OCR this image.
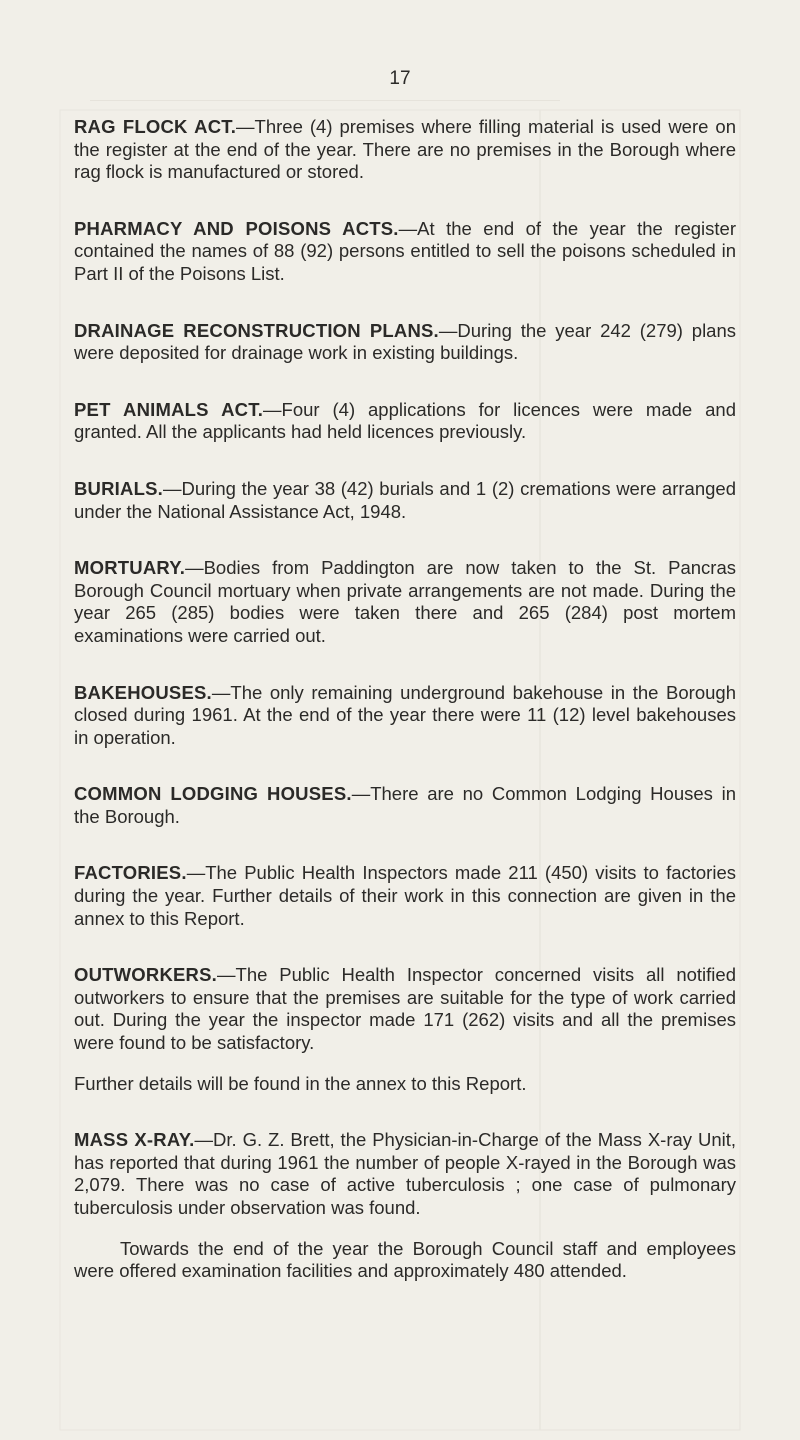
17

RAG FLOCK ACT.—Three (4) premises where filling material is used were on the register at the end of the year. There are no premises in the Borough where rag flock is manufactured or stored.

PHARMACY AND POISONS ACTS.—At the end of the year the register contained the names of 88 (92) persons entitled to sell the poisons scheduled in Part II of the Poisons List.

DRAINAGE RECONSTRUCTION PLANS.—During the year 242 (279) plans were deposited for drainage work in existing buildings.

PET ANIMALS ACT.—Four (4) applications for licences were made and granted. All the applicants had held licences previously.

BURIALS.—During the year 38 (42) burials and 1 (2) cremations were arranged under the National Assistance Act, 1948.

MORTUARY.—Bodies from Paddington are now taken to the St. Pancras Borough Council mortuary when private arrangements are not made. During the year 265 (285) bodies were taken there and 265 (284) post mortem examinations were carried out.

BAKEHOUSES.—The only remaining underground bakehouse in the Borough closed during 1961. At the end of the year there were 11 (12) level bakehouses in operation.

COMMON LODGING HOUSES.—There are no Common Lodging Houses in the Borough.

FACTORIES.—The Public Health Inspectors made 211 (450) visits to factories during the year. Further details of their work in this connection are given in the annex to this Report.

OUTWORKERS.—The Public Health Inspector concerned visits all notified outworkers to ensure that the premises are suitable for the type of work carried out. During the year the inspector made 171 (262) visits and all the premises were found to be satisfactory.

Further details will be found in the annex to this Report.

MASS X-RAY.—Dr. G. Z. Brett, the Physician-in-Charge of the Mass X-ray Unit, has reported that during 1961 the number of people X-rayed in the Borough was 2,079. There was no case of active tuberculosis ; one case of pulmonary tuberculosis under observation was found.

Towards the end of the year the Borough Council staff and employees were offered examination facilities and approximately 480 attended.
